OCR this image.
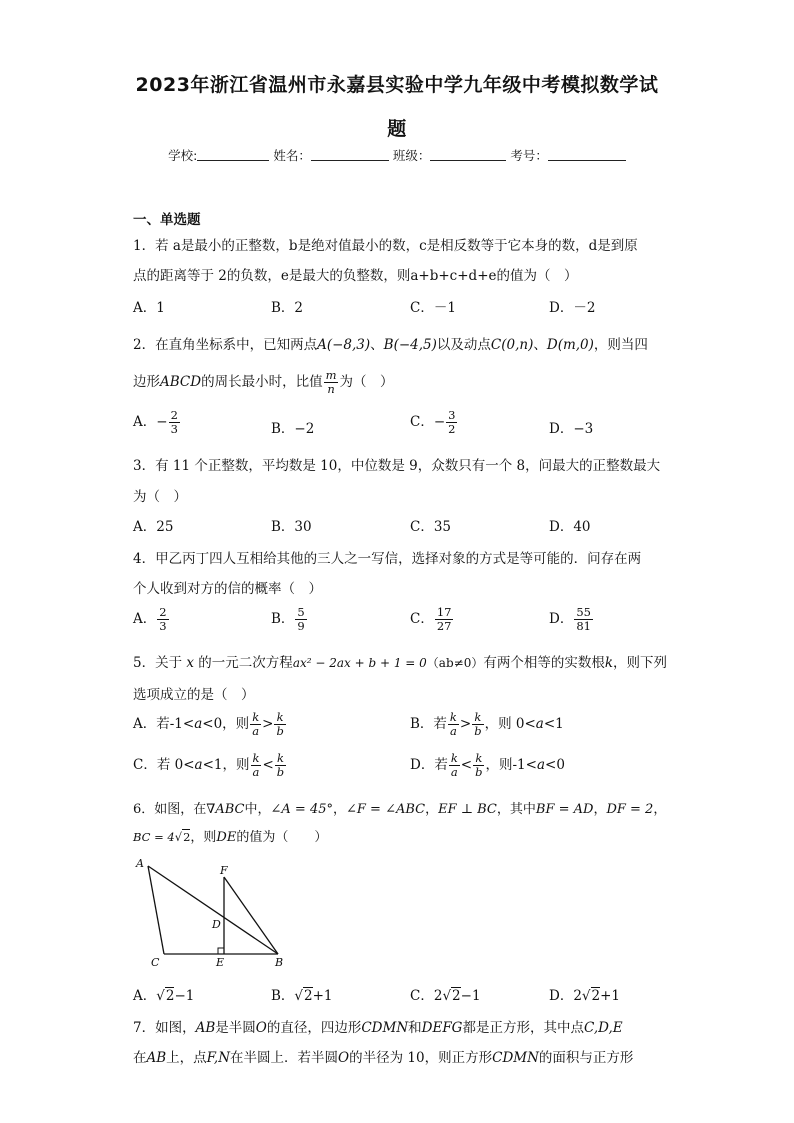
2023年浙江省温州市永嘉县实验中学九年级中考模拟数学试
题
学校:	姓名：	班级：	考号：
一、单选题
1．若 a是最小的正整数，b是绝对值最小的数，c是相反数等于它本身的数，d是到原
点的距离等于 2的负数，e是最大的负整数，则a+b+c+d+e的值为（　）
A．1	B．2	C．－1	D．－2
2．在直角坐标系中，已知两点A(−8,3)、B(−4,5)以及动点C(0,n)、D(m,0)，则当四
边形ABCD的周长最小时，比值 $\frac{m}{n}$ 为（　）
A．− $\frac{2}{3}$	B．−2	C．− $\frac{3}{2}$	D．−3
3．有 11 个正整数，平均数是 10，中位数是 9，众数只有一个 8，问最大的正整数最大
为（　）
A．25	B．30	C．35	D．40
4．甲乙丙丁四人互相给其他的三人之一写信，选择对象的方式是等可能的．问存在两
个人收到对方的信的概率（　）
A． $\frac{2}{3}$	B． $\frac{5}{9}$	C． $\frac{17}{27}$	D． $\frac{55}{81}$
5．关于 x 的一元二次方程ax² − 2ax + b + 1 = 0（ab≠0）有两个相等的实数根k，则下列
选项成立的是（　）
A．若-1<a<0，则 $\frac{k}{a} > \frac{k}{b}$	B．若 $\frac{k}{a} > \frac{k}{b}$ ，则 0<a<1
C．若 0<a<1，则 $\frac{k}{a} < \frac{k}{b}$	D．若 $\frac{k}{a} < \frac{k}{b}$ ，则-1<a<0
6．如图，在∇ABC中，∠A = 45°，∠F = ∠ABC，EF ⊥ BC，其中BF = AD，DF = 2，
BC = 4√2，则DE的值为（　　）
A
F
D
C	E	B
A．√2−1	B．√2+1	C．2√2−1	D．2√2+1
7．如图，AB是半圆O的直径，四边形CDMN和DEFG都是正方形，其中点C,D,E
在AB上，点F,N在半圆上．若半圆O的半径为 10，则正方形CDMN的面积与正方形
